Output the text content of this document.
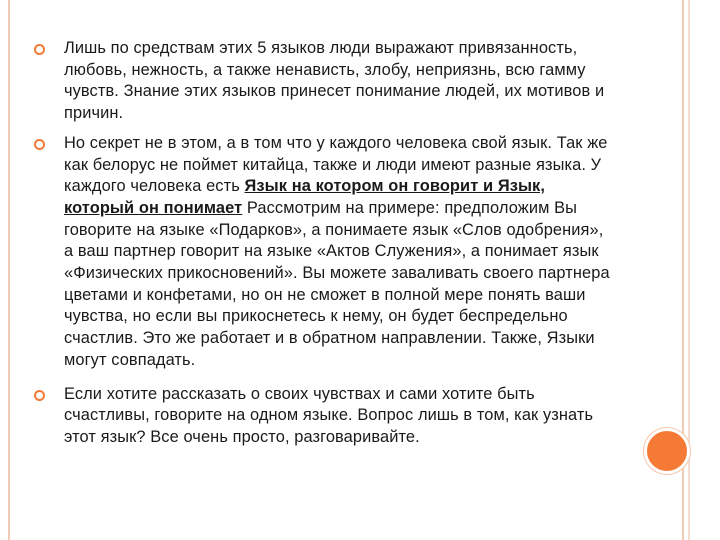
Лишь по средствам этих 5 языков люди выражают привязанность, любовь, нежность, а также ненависть, злобу, неприязнь, всю гамму чувств. Знание этих языков принесет понимание людей, их мотивов и причин.
Но секрет не в этом, а в том что у каждого человека свой язык. Так же как белорус не поймет китайца, также и люди имеют разные языка. У каждого человека есть Язык на котором он говорит и Язык, который он понимает Рассмотрим на примере: предположим Вы говорите на языке «Подарков», а понимаете язык «Слов одобрения», а ваш партнер говорит на языке «Актов Служения», а понимает язык «Физических прикосновений». Вы можете заваливать своего партнера цветами и конфетами, но он не сможет в полной мере понять ваши чувства, но если вы прикоснетесь к нему, он будет беспредельно счастлив. Это же работает и в обратном направлении. Также, Языки могут совпадать.
Если хотите рассказать о своих чувствах и сами хотите быть счастливы, говорите на одном языке. Вопрос лишь в том, как узнать этот язык? Все очень просто, разговаривайте.
